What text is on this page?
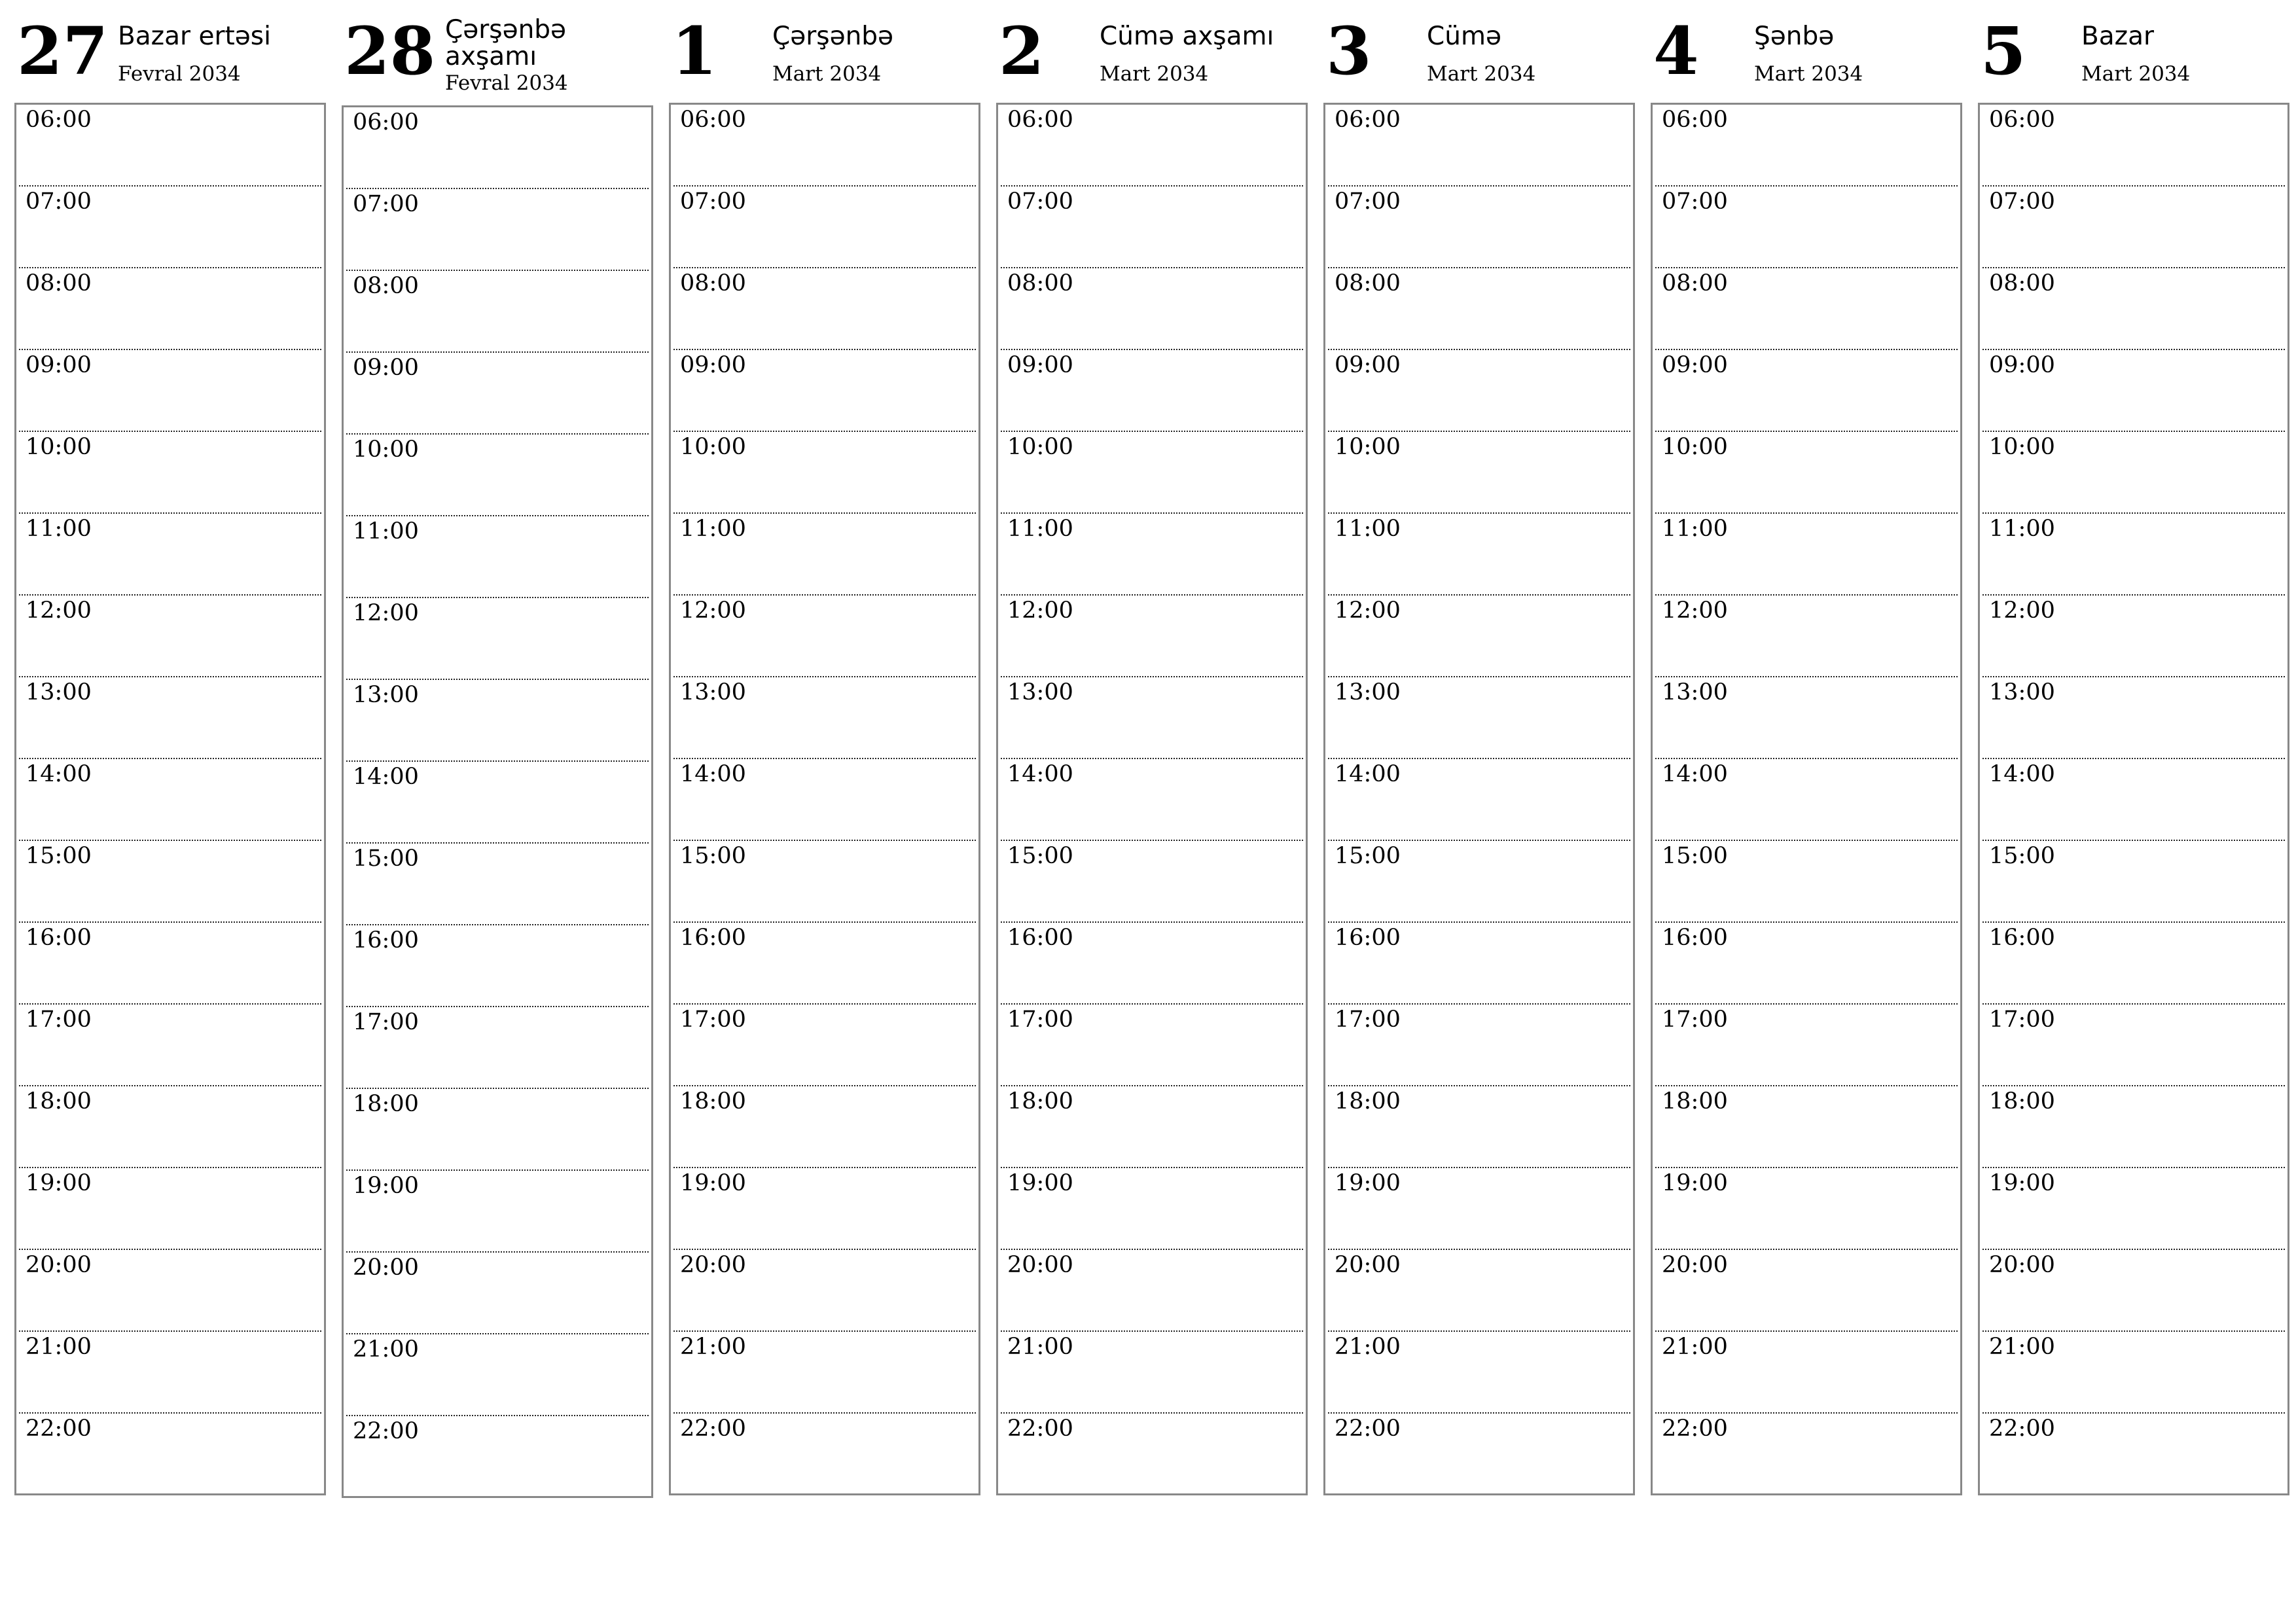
27 Bazar ertəsi
Fevral 2034
06:00
07:00
08:00
09:00
10:00
11:00
12:00
13:00
14:00
15:00
16:00
17:00
18:00
19:00
20:00
21:00
22:00
28 Çərşənbə axşamı
Fevral 2034
06:00
07:00
08:00
09:00
10:00
11:00
12:00
13:00
14:00
15:00
16:00
17:00
18:00
19:00
20:00
21:00
22:00
1 Çərşənbə
Mart 2034
06:00
07:00
08:00
09:00
10:00
11:00
12:00
13:00
14:00
15:00
16:00
17:00
18:00
19:00
20:00
21:00
22:00
2 Cümə axşamı
Mart 2034
06:00
07:00
08:00
09:00
10:00
11:00
12:00
13:00
14:00
15:00
16:00
17:00
18:00
19:00
20:00
21:00
22:00
3 Cümə
Mart 2034
06:00
07:00
08:00
09:00
10:00
11:00
12:00
13:00
14:00
15:00
16:00
17:00
18:00
19:00
20:00
21:00
22:00
4 Şənbə
Mart 2034
06:00
07:00
08:00
09:00
10:00
11:00
12:00
13:00
14:00
15:00
16:00
17:00
18:00
19:00
20:00
21:00
22:00
5 Bazar
Mart 2034
06:00
07:00
08:00
09:00
10:00
11:00
12:00
13:00
14:00
15:00
16:00
17:00
18:00
19:00
20:00
21:00
22:00
